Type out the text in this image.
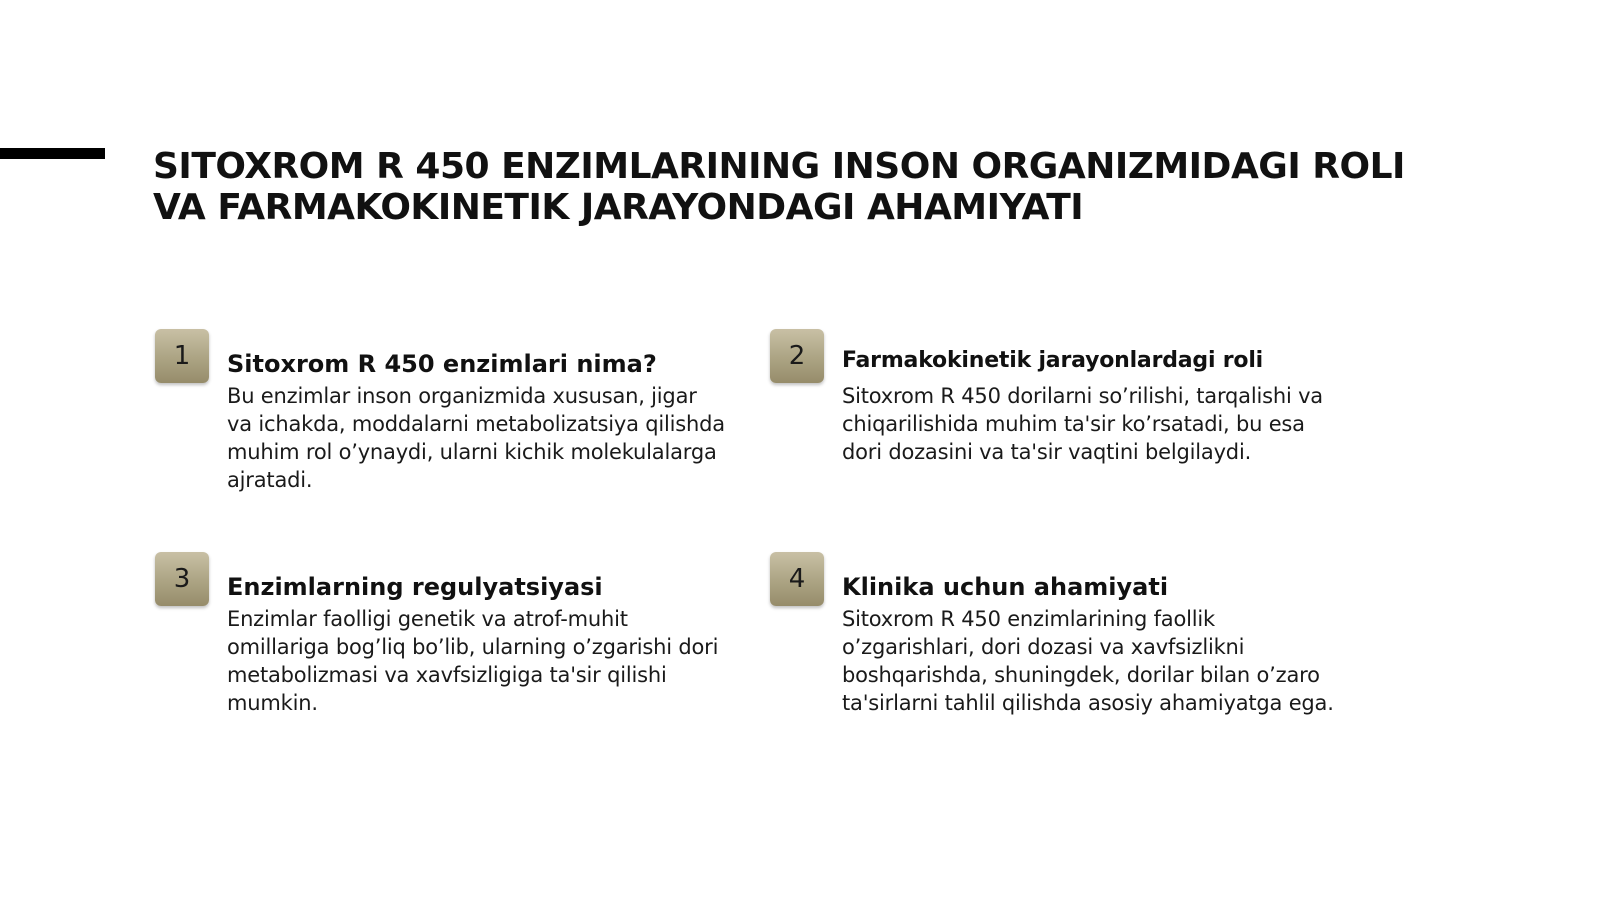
SITOXROM R 450 ENZIMLARINING INSON ORGANIZMIDAGI ROLI
VA FARMAKOKINETIK JARAYONDAGI AHAMIYATI
1	Sitoxrom R 450 enzimlari nima?

Bu enzimlar inson organizmida xususan, jigar
va ichakda, moddalarni metabolizatsiya qilishda
muhim rol o’ynaydi, ularni kichik molekulalarga
ajratadi.

2	Farmakokinetik jarayonlardagi roli

Sitoxrom R 450 dorilarni so’rilishi, tarqalishi va
chiqarilishida muhim ta'sir ko’rsatadi, bu esa
dori dozasini va ta'sir vaqtini belgilaydi.

3	Enzimlarning regulyatsiyasi

Enzimlar faolligi genetik va atrof-muhit
omillariga bog’liq bo’lib, ularning o’zgarishi dori
metabolizmasi va xavfsizligiga ta'sir qilishi
mumkin.

4	Klinika uchun ahamiyati

Sitoxrom R 450 enzimlarining faollik
o’zgarishlari, dori dozasi va xavfsizlikni
boshqarishda, shuningdek, dorilar bilan o’zaro
ta'sirlarni tahlil qilishda asosiy ahamiyatga ega.
